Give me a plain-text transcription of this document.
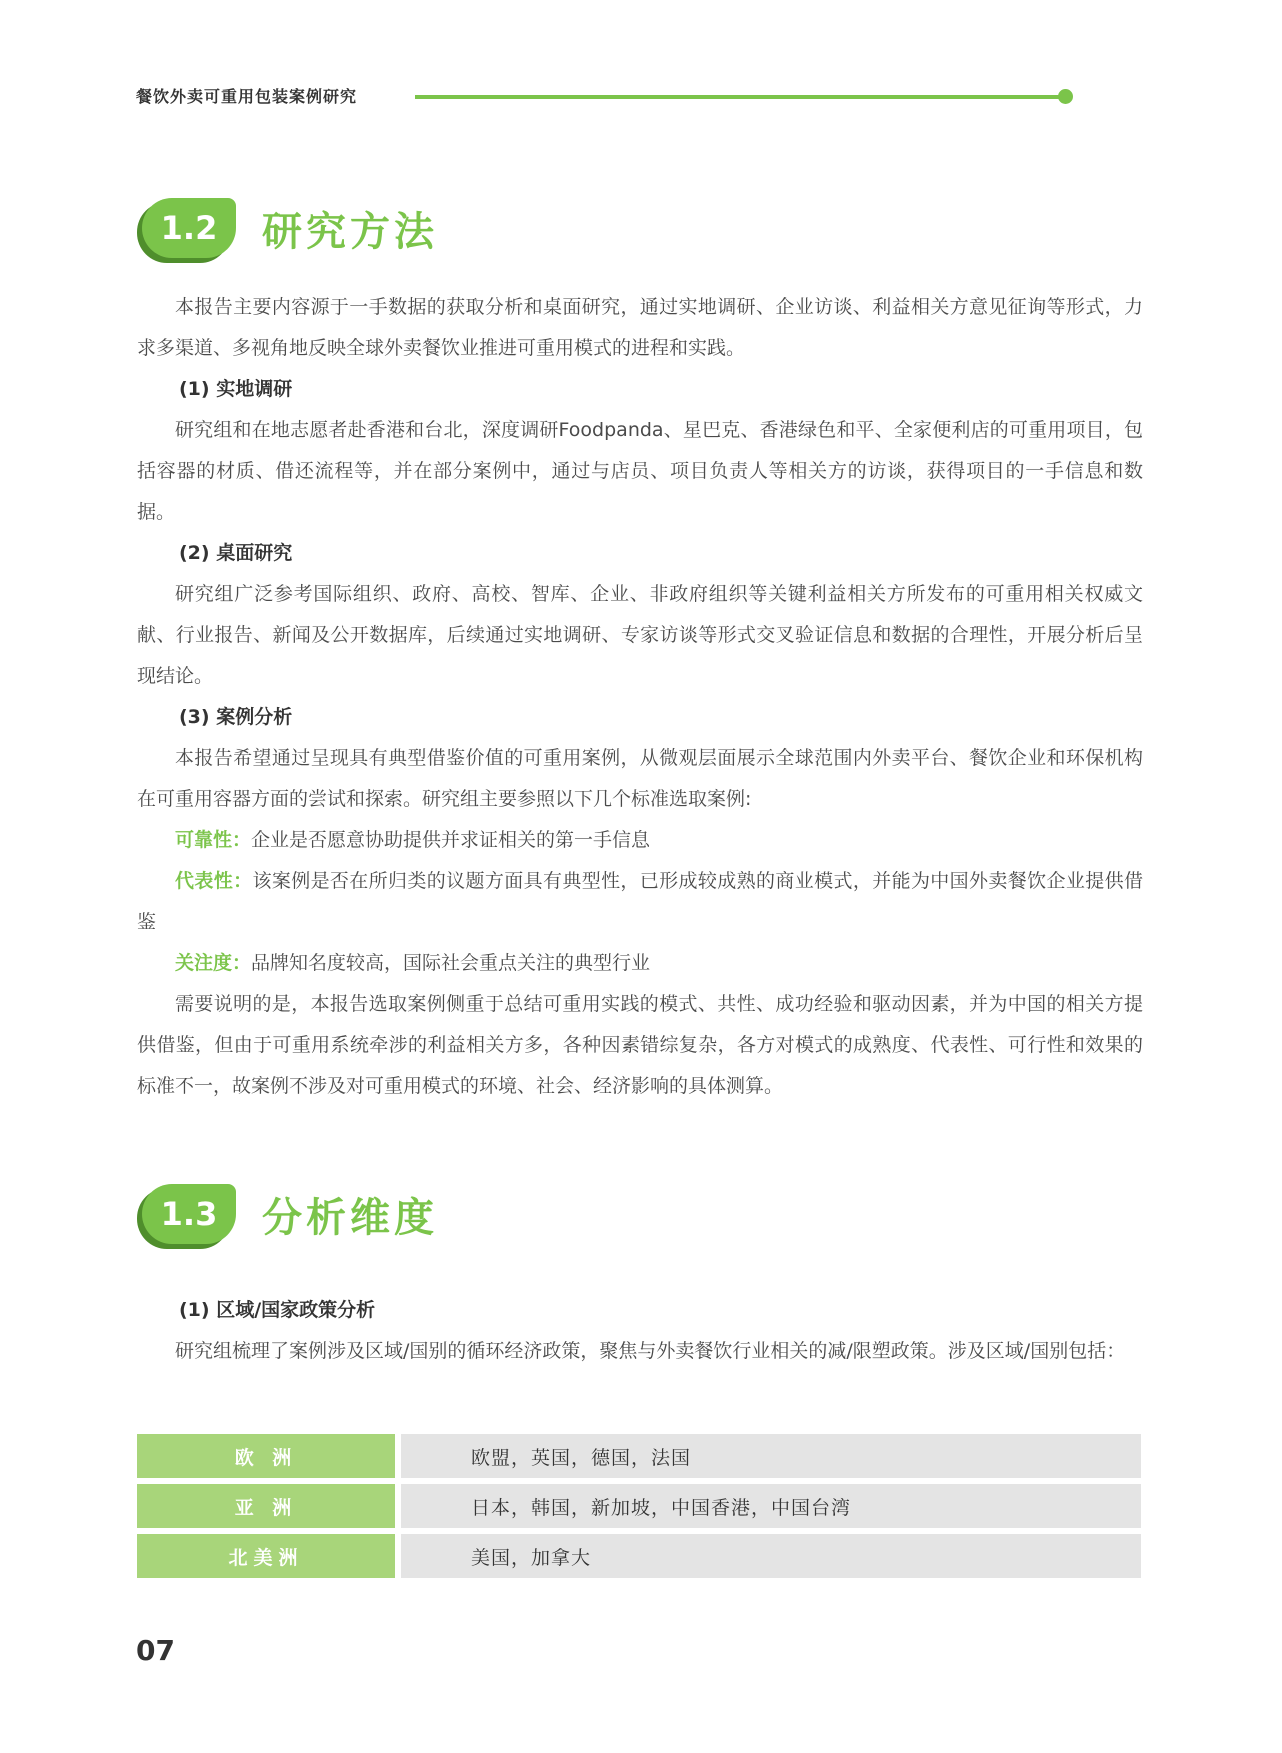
餐饮外卖可重用包装案例研究
1.2	研究方法

本报告主要内容源于一手数据的获取分析和桌面研究，通过实地调研、企业访谈、利益相关方意见征询等形式，力求多渠道、多视角地反映全球外卖餐饮业推进可重用模式的进程和实践。

(1) 实地调研

研究组和在地志愿者赴香港和台北，深度调研Foodpanda、星巴克、香港绿色和平、全家便利店的可重用项目，包括容器的材质、借还流程等，并在部分案例中，通过与店员、项目负责人等相关方的访谈，获得项目的一手信息和数据。

(2) 桌面研究

研究组广泛参考国际组织、政府、高校、智库、企业、非政府组织等关键利益相关方所发布的可重用相关权威文献、行业报告、新闻及公开数据库，后续通过实地调研、专家访谈等形式交叉验证信息和数据的合理性，开展分析后呈现结论。

(3) 案例分析

本报告希望通过呈现具有典型借鉴价值的可重用案例，从微观层面展示全球范围内外卖平台、餐饮企业和环保机构在可重用容器方面的尝试和探索。研究组主要参照以下几个标准选取案例:

可靠性：企业是否愿意协助提供并求证相关的第一手信息

代表性：该案例是否在所归类的议题方面具有典型性，已形成较成熟的商业模式，并能为中国外卖餐饮企业提供借鉴

关注度：品牌知名度较高，国际社会重点关注的典型行业

需要说明的是，本报告选取案例侧重于总结可重用实践的模式、共性、成功经验和驱动因素，并为中国的相关方提供借鉴，但由于可重用系统牵涉的利益相关方多，各种因素错综复杂，各方对模式的成熟度、代表性、可行性和效果的标准不一，故案例不涉及对可重用模式的环境、社会、经济影响的具体测算。

1.3	分析维度

(1) 区域/国家政策分析

研究组梳理了案例涉及区域/国别的循环经济政策，聚焦与外卖餐饮行业相关的减/限塑政策。涉及区域/国别包括：

欧 洲	欧盟，英国，德国，法国
亚 洲	日本，韩国，新加坡，中国香港，中国台湾
北美洲	美国，加拿大
07
